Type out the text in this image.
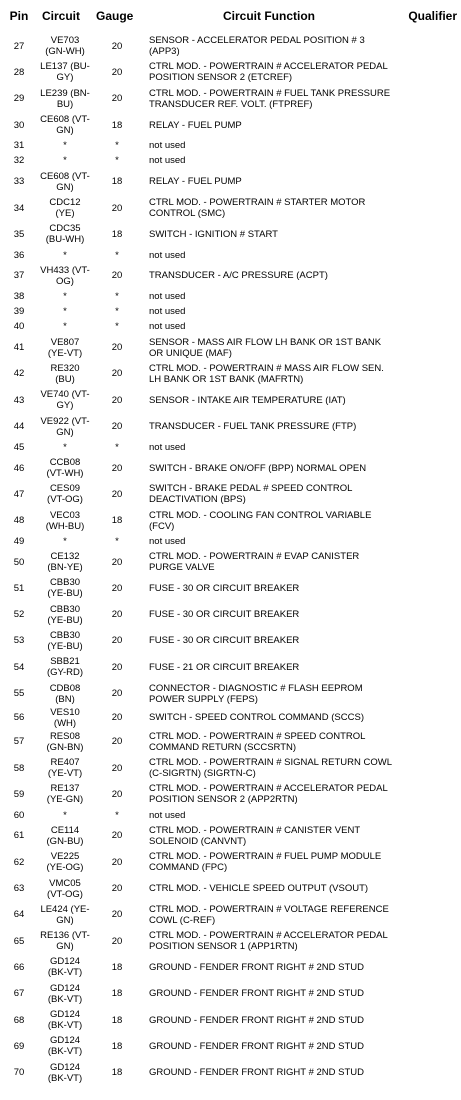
Pin	Circuit	Gauge	Circuit Function	Qualifier
27	VE703 (GN-WH)	20	SENSOR - ACCELERATOR PEDAL POSITION # 3 (APP3)	
28	LE137 (BU-GY)	20	CTRL MOD. - POWERTRAIN # ACCELERATOR PEDAL POSITION SENSOR 2 (ETCREF)	
29	LE239 (BN-BU)	20	CTRL MOD. - POWERTRAIN # FUEL TANK PRESSURE TRANSDUCER REF. VOLT. (FTPREF)	
30	CE608 (VT-GN)	18	RELAY - FUEL PUMP	
31	*	*	not used	
32	*	*	not used	
33	CE608 (VT-GN)	18	RELAY - FUEL PUMP	
34	CDC12 (YE)	20	CTRL MOD. - POWERTRAIN # STARTER MOTOR CONTROL (SMC)	
35	CDC35 (BU-WH)	18	SWITCH - IGNITION # START	
36	*	*	not used	
37	VH433 (VT-OG)	20	TRANSDUCER - A/C PRESSURE (ACPT)	
38	*	*	not used	
39	*	*	not used	
40	*	*	not used	
41	VE807 (YE-VT)	20	SENSOR - MASS AIR FLOW LH BANK OR 1ST BANK OR UNIQUE (MAF)	
42	RE320 (BU)	20	CTRL MOD. - POWERTRAIN # MASS AIR FLOW SEN. LH BANK OR 1ST BANK (MAFRTN)	
43	VE740 (VT-GY)	20	SENSOR - INTAKE AIR TEMPERATURE (IAT)	
44	VE922 (VT-GN)	20	TRANSDUCER - FUEL TANK PRESSURE (FTP)	
45	*	*	not used	
46	CCB08 (VT-WH)	20	SWITCH - BRAKE ON/OFF (BPP) NORMAL OPEN	
47	CES09 (VT-OG)	20	SWITCH - BRAKE PEDAL # SPEED CONTROL DEACTIVATION (BPS)	
48	VEC03 (WH-BU)	18	CTRL MOD. - COOLING FAN CONTROL VARIABLE (FCV)	
49	*	*	not used	
50	CE132 (BN-YE)	20	CTRL MOD. - POWERTRAIN # EVAP CANISTER PURGE VALVE	
51	CBB30 (YE-BU)	20	FUSE - 30 OR CIRCUIT BREAKER	
52	CBB30 (YE-BU)	20	FUSE - 30 OR CIRCUIT BREAKER	
53	CBB30 (YE-BU)	20	FUSE - 30 OR CIRCUIT BREAKER	
54	SBB21 (GY-RD)	20	FUSE - 21 OR CIRCUIT BREAKER	
55	CDB08 (BN)	20	CONNECTOR - DIAGNOSTIC # FLASH EEPROM POWER SUPPLY (FEPS)	
56	VES10 (WH)	20	SWITCH - SPEED CONTROL COMMAND (SCCS)	
57	RES08 (GN-BN)	20	CTRL MOD. - POWERTRAIN # SPEED CONTROL COMMAND RETURN (SCCSRTN)	
58	RE407 (YE-VT)	20	CTRL MOD. - POWERTRAIN # SIGNAL RETURN COWL (C-SIGRTN) (SIGRTN-C)	
59	RE137 (YE-GN)	20	CTRL MOD. - POWERTRAIN # ACCELERATOR PEDAL POSITION SENSOR 2 (APP2RTN)	
60	*	*	not used	
61	CE114 (GN-BU)	20	CTRL MOD. - POWERTRAIN # CANISTER VENT SOLENOID (CANVNT)	
62	VE225 (YE-OG)	20	CTRL MOD. - POWERTRAIN # FUEL PUMP MODULE COMMAND (FPC)	
63	VMC05 (VT-OG)	20	CTRL MOD. - VEHICLE SPEED OUTPUT (VSOUT)	
64	LE424 (YE-GN)	20	CTRL MOD. - POWERTRAIN # VOLTAGE REFERENCE COWL (C-REF)	
65	RE136 (VT-GN)	20	CTRL MOD. - POWERTRAIN # ACCELERATOR PEDAL POSITION SENSOR 1 (APP1RTN)	
66	GD124 (BK-VT)	18	GROUND - FENDER FRONT RIGHT # 2ND STUD	
67	GD124 (BK-VT)	18	GROUND - FENDER FRONT RIGHT # 2ND STUD	
68	GD124 (BK-VT)	18	GROUND - FENDER FRONT RIGHT # 2ND STUD	
69	GD124 (BK-VT)	18	GROUND - FENDER FRONT RIGHT # 2ND STUD	
70	GD124 (BK-VT)	18	GROUND - FENDER FRONT RIGHT # 2ND STUD	
